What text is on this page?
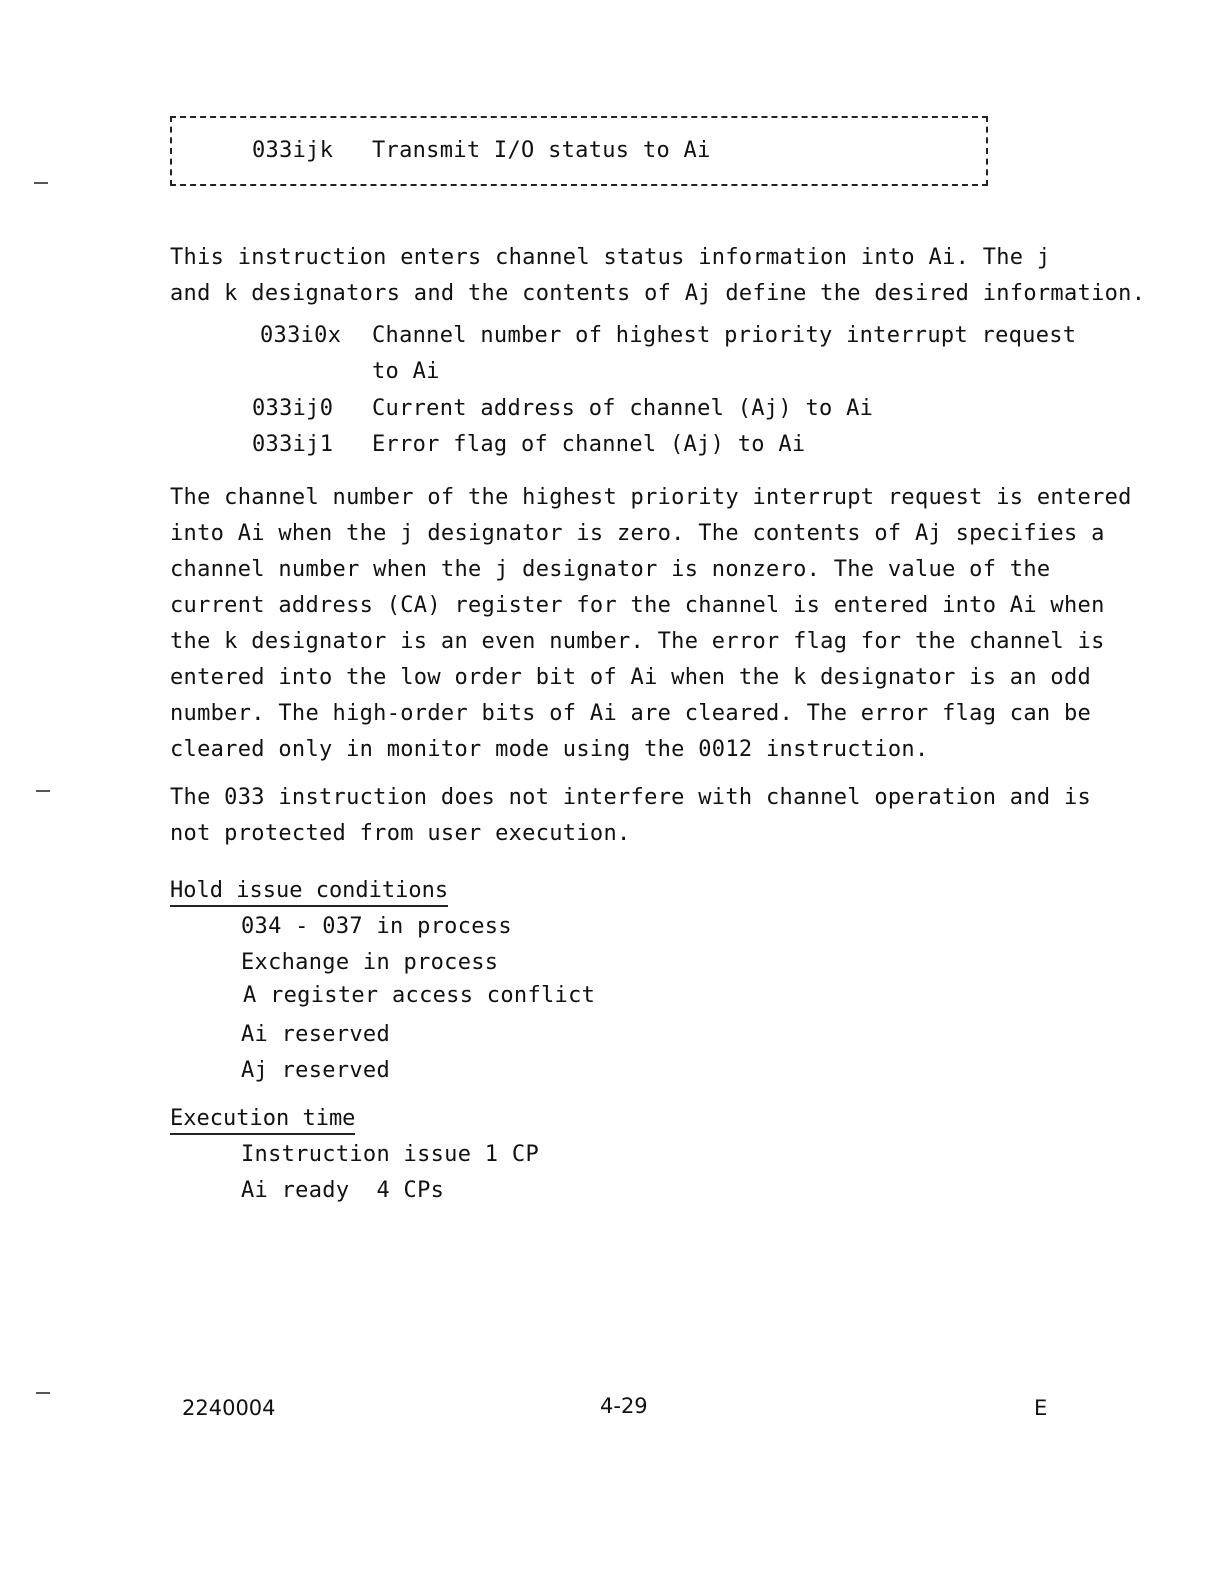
033ijk Transmit I/O status to Ai
This instruction enters channel status information into Ai. The j
and k designators and the contents of Aj define the desired information.
033i0x Channel number of highest priority interrupt request
to Ai
033ij0 Current address of channel (Aj) to Ai
033ij1 Error flag of channel (Aj) to Ai
The channel number of the highest priority interrupt request is entered
into Ai when the j designator is zero. The contents of Aj specifies a
channel number when the j designator is nonzero. The value of the
current address (CA) register for the channel is entered into Ai when
the k designator is an even number. The error flag for the channel is
entered into the low order bit of Ai when the k designator is an odd
number. The high-order bits of Ai are cleared. The error flag can be
cleared only in monitor mode using the 0012 instruction.
The 033 instruction does not interfere with channel operation and is
not protected from user execution.
Hold issue conditions
034 - 037 in process
Exchange in process
A register access conflict
Ai reserved
Aj reserved
Execution time
Instruction issue 1 CP
Ai ready  4 CPs
2240004	4-29	E
